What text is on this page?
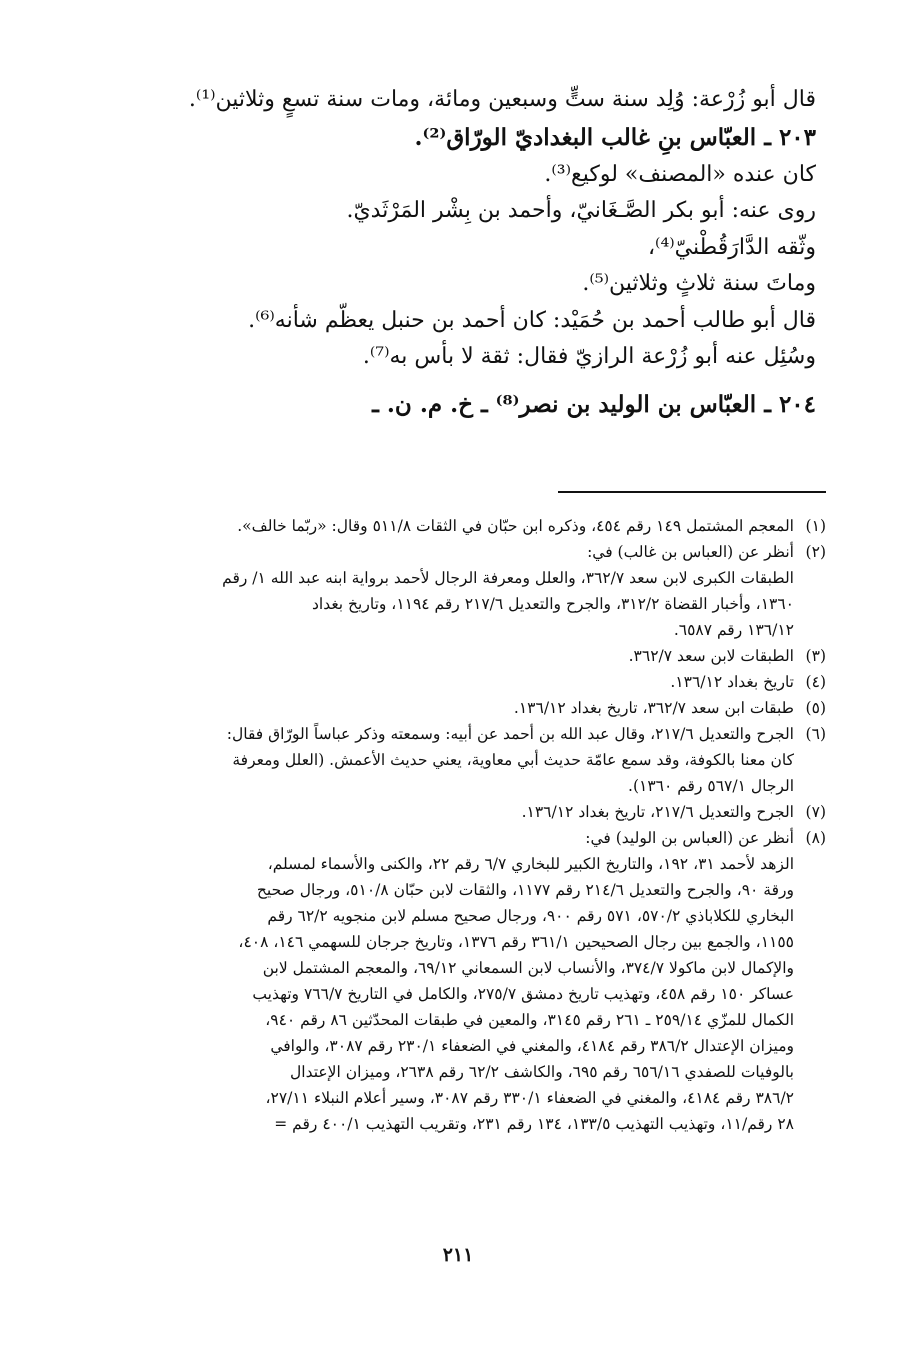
قال أبو زُرْعة: وُلِد سنة ستٍّ وسبعين ومائة، ومات سنة تسعٍ وثلاثين⁽¹⁾.

٢٠٣ ـ العبّاس بنِ غالب البغداديّ الورّاق⁽²⁾.

كان عنده «المصنف» لوكيع⁽³⁾.

روى عنه: أبو بكر الصَّـغَانيّ، وأحمد بن بِشْر المَرْثَديّ.

وثّقه الدَّارَقُطْنيّ⁽⁴⁾،

وماتَ سنة ثلاثٍ وثلاثين⁽⁵⁾.

قال أبو طالب أحمد بن حُمَيْد: كان أحمد بن حنبل يعظّم شأنه⁽⁶⁾.

وسُئِل عنه أبو زُرْعة الرازيّ فقال: ثقة لا بأس به⁽⁷⁾.

٢٠٤ ـ العبّاس بن الوليد بن نصر⁽⁸⁾ ـ خ. م. ن. ـ

(١)
المعجم المشتمل ١٤٩ رقم ٤٥٤، وذكره ابن حبّان في الثقات ٥١١/٨ وقال: «ربّما خالف».
(٢)
أنظر عن (العباس بن غالب) في:
الطبقات الكبرى لابن سعد ٣٦٢/٧، والعلل ومعرفة الرجال لأحمد برواية ابنه عبد الله ١/ رقم
١٣٦٠، وأخبار القضاة ٣١٢/٢، والجرح والتعديل ٢١٧/٦ رقم ١١٩٤، وتاريخ بغداد
١٣٦/١٢ رقم ٦٥٨٧.
(٣)
الطبقات لابن سعد ٣٦٢/٧.
(٤)
تاريخ بغداد ١٣٦/١٢.
(٥)
طبقات ابن سعد ٣٦٢/٧، تاريخ بغداد ١٣٦/١٢.
(٦)
الجرح والتعديل ٢١٧/٦، وقال عبد الله بن أحمد عن أبيه: وسمعته وذكر عباساً الورّاق فقال:
كان معنا بالكوفة، وقد سمع عامّة حديث أبي معاوية، يعني حديث الأعمش. (العلل ومعرفة
الرجال ٥٦٧/١ رقم ١٣٦٠).
(٧)
الجرح والتعديل ٢١٧/٦، تاريخ بغداد ١٣٦/١٢.
(٨)
أنظر عن (العباس بن الوليد) في:
الزهد لأحمد ٣١، ١٩٢، والتاريخ الكبير للبخاري ٦/٧ رقم ٢٢، والكنى والأسماء لمسلم،
ورقة ٩٠، والجرح والتعديل ٢١٤/٦ رقم ١١٧٧، والثقات لابن حبّان ٥١٠/٨، ورجال صحيح
البخاري للكلاباذي ٥٧٠/٢، ٥٧١ رقم ٩٠٠، ورجال صحيح مسلم لابن منجويه ٦٢/٢ رقم
١١٥٥، والجمع بين رجال الصحيحين ٣٦١/١ رقم ١٣٧٦، وتاريخ جرجان للسهمي ١٤٦، ٤٠٨،
والإكمال لابن ماكولا ٣٧٤/٧، والأنساب لابن السمعاني ٦٩/١٢، والمعجم المشتمل لابن
عساكر ١٥٠ رقم ٤٥٨، وتهذيب تاريخ دمشق ٢٧٥/٧، والكامل في التاريخ ٧٦٦/٧ وتهذيب
الكمال للمزّي ٢٥٩/١٤ ـ ٢٦١ رقم ٣١٤٥، والمعين في طبقات المحدّثين ٨٦ رقم ٩٤٠،
وميزان الإعتدال ٣٨٦/٢ رقم ٤١٨٤، والمغني في الضعفاء ٢٣٠/١ رقم ٣٠٨٧، والوافي
بالوفيات للصفدي ٦٥٦/١٦ رقم ٦٩٥، والكاشف ٦٢/٢ رقم ٢٦٣٨، وميزان الإعتدال
٣٨٦/٢ رقم ٤١٨٤، والمغني في الضعفاء ٣٣٠/١ رقم ٣٠٨٧، وسير أعلام النبلاء ٢٧/١١،
٢٨ رقم/١١، وتهذيب التهذيب ١٣٣/٥، ١٣٤ رقم ٢٣١، وتقريب التهذيب ٤٠٠/١ رقم =
٢١١
